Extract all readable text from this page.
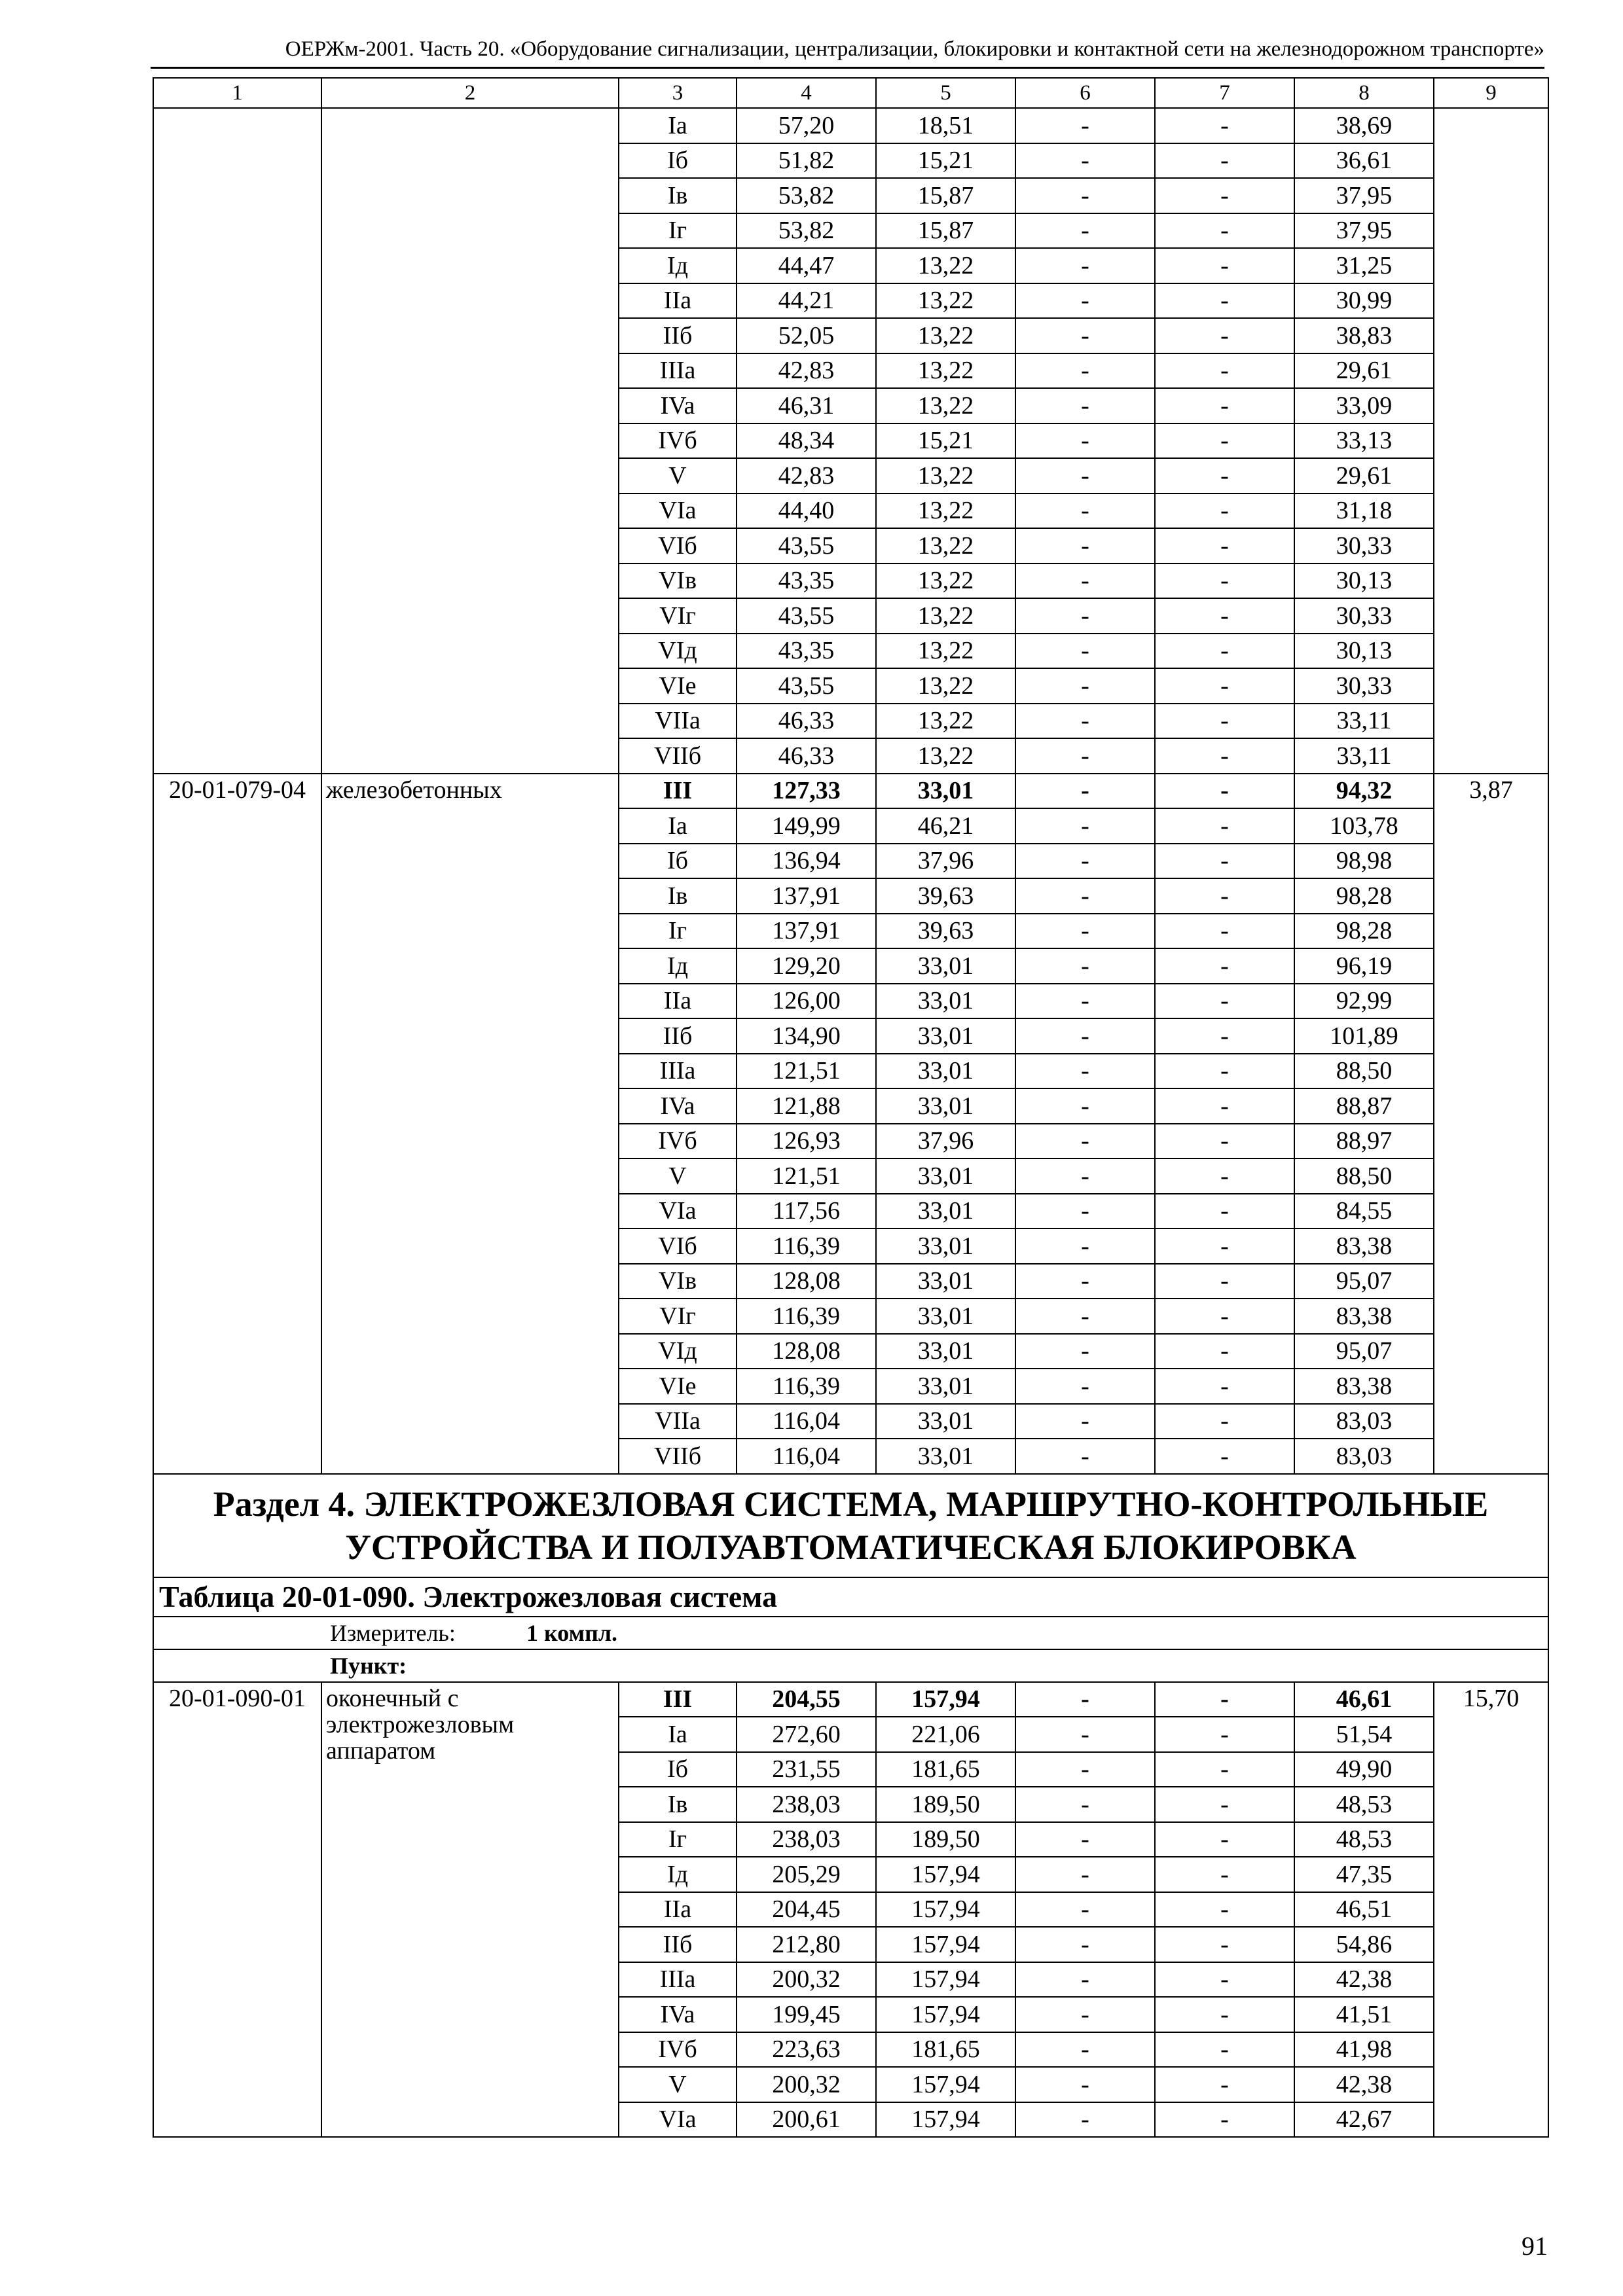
ОЕРЖм-2001. Часть 20. «Оборудование сигнализации, централизации, блокировки и контактной сети на железнодорожном транспорте»
1	2	3	4	5	6	7	8	9
		Ia	57,20	18,51	-	-	38,69	
		Iб	51,82	15,21	-	-	36,61	
		Iв	53,82	15,87	-	-	37,95	
		Iг	53,82	15,87	-	-	37,95	
		Iд	44,47	13,22	-	-	31,25	
		IIa	44,21	13,22	-	-	30,99	
		IIб	52,05	13,22	-	-	38,83	
		IIIa	42,83	13,22	-	-	29,61	
		IVa	46,31	13,22	-	-	33,09	
		IVб	48,34	15,21	-	-	33,13	
		V	42,83	13,22	-	-	29,61	
		VIa	44,40	13,22	-	-	31,18	
		VIб	43,55	13,22	-	-	30,33	
		VIв	43,35	13,22	-	-	30,13	
		VIг	43,55	13,22	-	-	30,33	
		VIд	43,35	13,22	-	-	30,13	
		VIe	43,55	13,22	-	-	30,33	
		VIIa	46,33	13,22	-	-	33,11	
		VIIб	46,33	13,22	-	-	33,11	
20-01-079-04	железобетонных	III	127,33	33,01	-	-	94,32	3,87
		Ia	149,99	46,21	-	-	103,78	
		Iб	136,94	37,96	-	-	98,98	
		Iв	137,91	39,63	-	-	98,28	
		Iг	137,91	39,63	-	-	98,28	
		Iд	129,20	33,01	-	-	96,19	
		IIa	126,00	33,01	-	-	92,99	
		IIб	134,90	33,01	-	-	101,89	
		IIIa	121,51	33,01	-	-	88,50	
		IVa	121,88	33,01	-	-	88,87	
		IVб	126,93	37,96	-	-	88,97	
		V	121,51	33,01	-	-	88,50	
		VIa	117,56	33,01	-	-	84,55	
		VIб	116,39	33,01	-	-	83,38	
		VIв	128,08	33,01	-	-	95,07	
		VIг	116,39	33,01	-	-	83,38	
		VIд	128,08	33,01	-	-	95,07	
		VIe	116,39	33,01	-	-	83,38	
		VIIa	116,04	33,01	-	-	83,03	
		VIIб	116,04	33,01	-	-	83,03	
Раздел 4. ЭЛЕКТРОЖЕЗЛОВАЯ СИСТЕМА, МАРШРУТНО-КОНТРОЛЬНЫЕ УСТРОЙСТВА И ПОЛУАВТОМАТИЧЕСКАЯ БЛОКИРОВКА								
Таблица 20-01-090. Электрожезловая система								
Измеритель: 1 компл.								
Пункт:								
20-01-090-01	оконечный с электрожезловым аппаратом	III	204,55	157,94	-	-	46,61	15,70
		Ia	272,60	221,06	-	-	51,54	
		Iб	231,55	181,65	-	-	49,90	
		Iв	238,03	189,50	-	-	48,53	
		Iг	238,03	189,50	-	-	48,53	
		Iд	205,29	157,94	-	-	47,35	
		IIa	204,45	157,94	-	-	46,51	
		IIб	212,80	157,94	-	-	54,86	
		IIIa	200,32	157,94	-	-	42,38	
		IVa	199,45	157,94	-	-	41,51	
		IVб	223,63	181,65	-	-	41,98	
		V	200,32	157,94	-	-	42,38	
		VIa	200,61	157,94	-	-	42,67	
91
